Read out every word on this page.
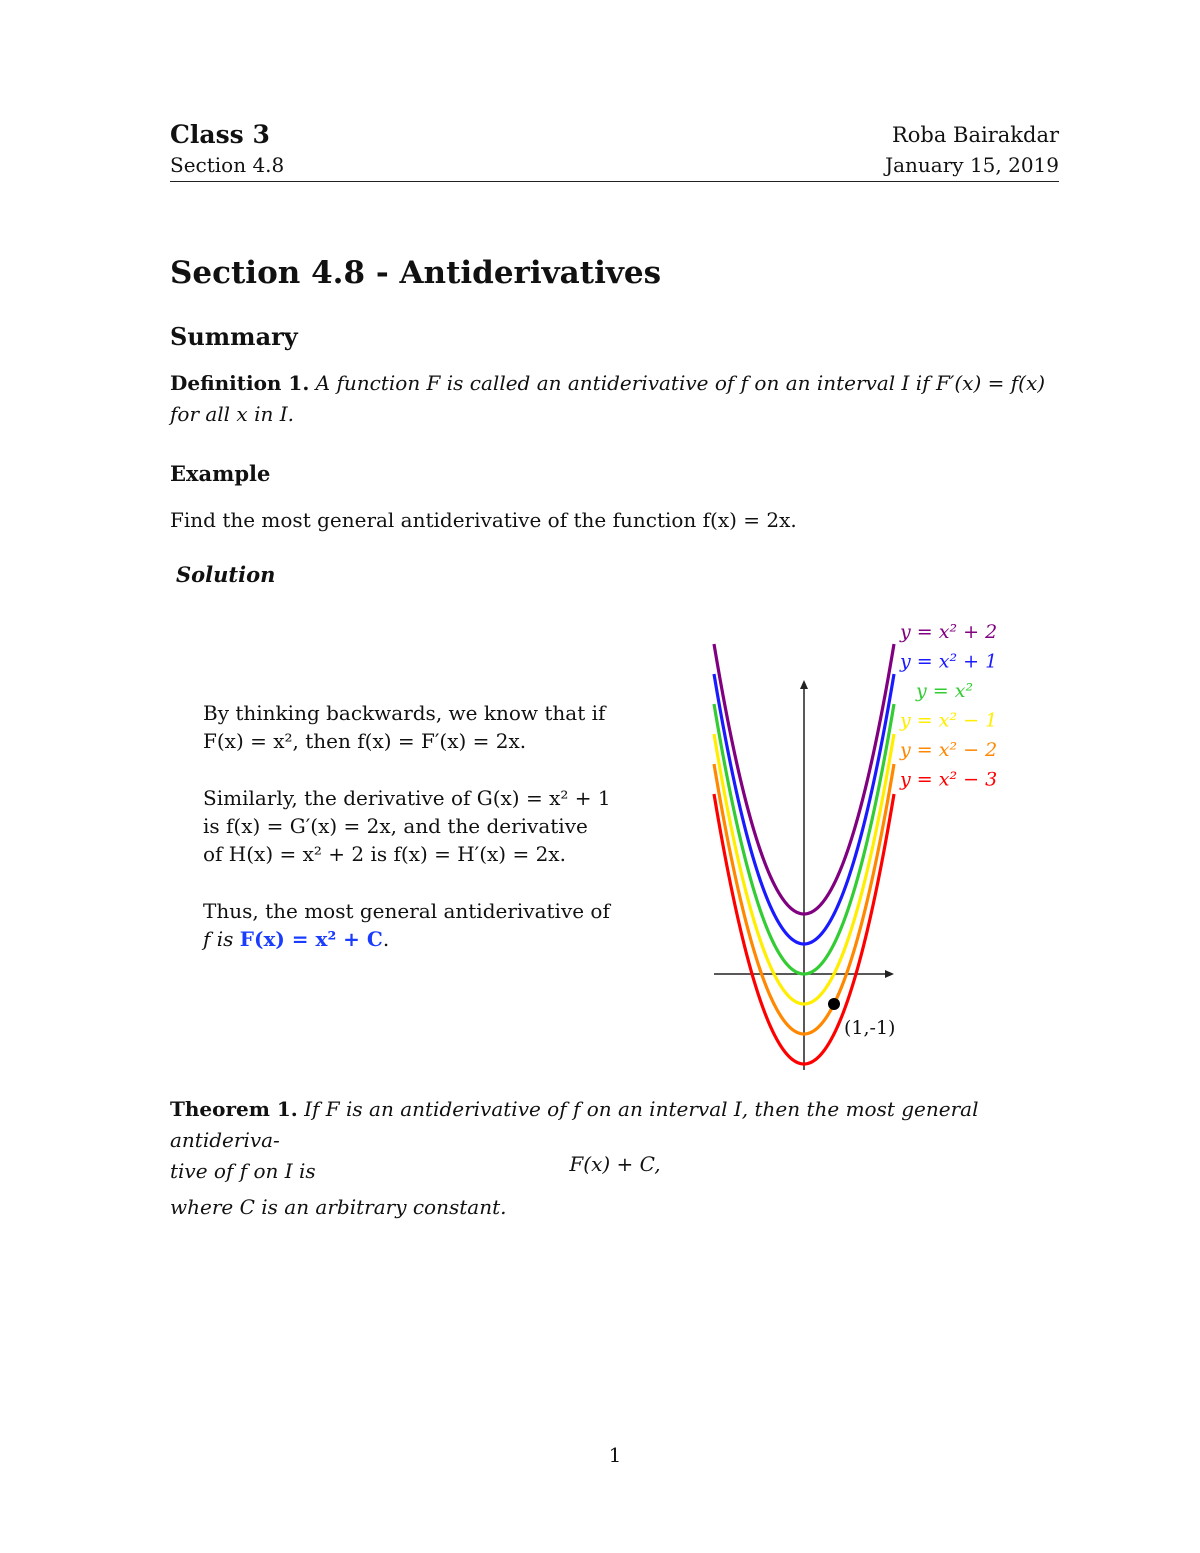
Class 3
Section 4.8
Roba Bairakdar
January 15, 2019
Section 4.8 - Antiderivatives
Summary
Definition 1. A function F is called an antiderivative of f on an interval I if F′(x) = f(x)
for all x in I.
Example
Find the most general antiderivative of the function f(x) = 2x.
Solution
By thinking backwards, we know that if
F(x) = x², then f(x) = F′(x) = 2x.
Similarly, the derivative of G(x) = x² + 1
is f(x) = G′(x) = 2x, and the derivative
of H(x) = x² + 2 is f(x) = H′(x) = 2x.
Thus, the most general antiderivative of
f is F(x) = x² + C.
y = x² + 2
y = x² + 1
y = x²
y = x² − 1
y = x² − 2
y = x² − 3
(1,-1)
Theorem 1. If F is an antiderivative of f on an interval I, then the most general antideriva-
tive of f on I is	F(x) + C,
where C is an arbitrary constant.
1
